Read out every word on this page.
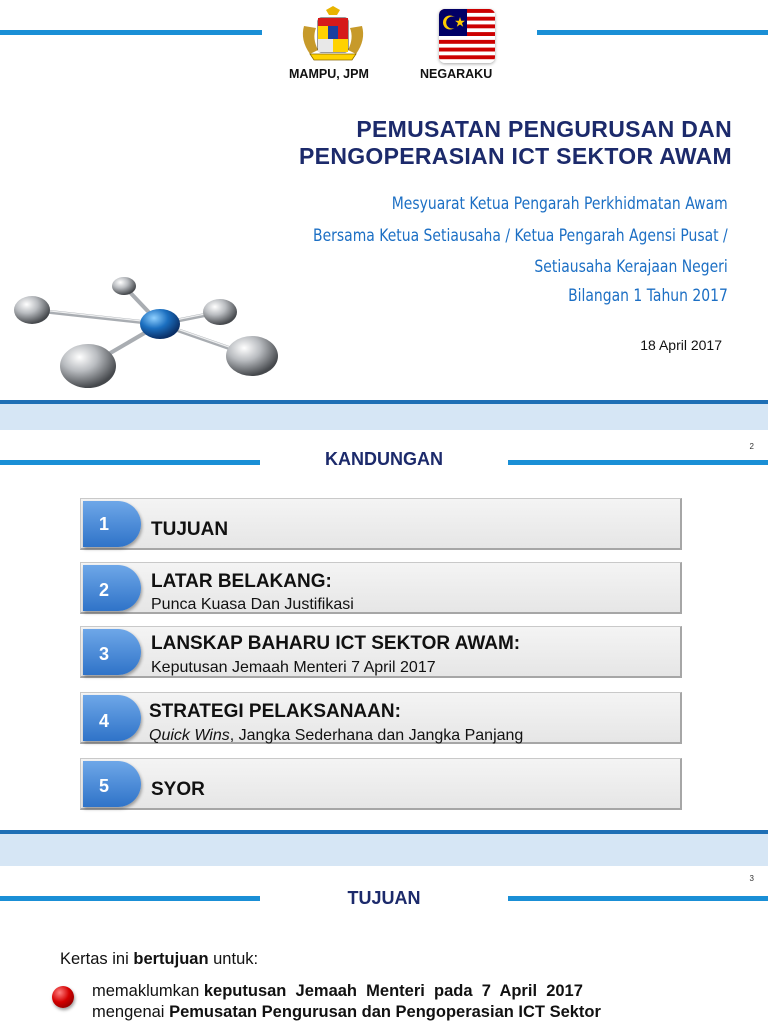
MAMPU, JPM	NEGARAKU
PEMUSATAN PENGURUSAN DAN
PENGOPERASIAN ICT SEKTOR AWAM
Mesyuarat Ketua Pengarah Perkhidmatan Awam
Bersama Ketua Setiausaha / Ketua Pengarah Agensi Pusat /
Setiausaha Kerajaan Negeri
Bilangan 1 Tahun 2017
18 April 2017
2
KANDUNGAN
1	TUJUAN
2	LATAR BELAKANG:
Punca Kuasa Dan Justifikasi
3	LANSKAP BAHARU ICT SEKTOR AWAM:
Keputusan Jemaah Menteri 7 April 2017
4	STRATEGI PELAKSANAAN:
Quick Wins, Jangka Sederhana dan Jangka Panjang
5	SYOR
3
TUJUAN
Kertas ini bertujuan untuk:
memaklumkan keputusan  Jemaah  Menteri  pada  7  April  2017
mengenai Pemusatan Pengurusan dan Pengoperasian ICT Sektor
